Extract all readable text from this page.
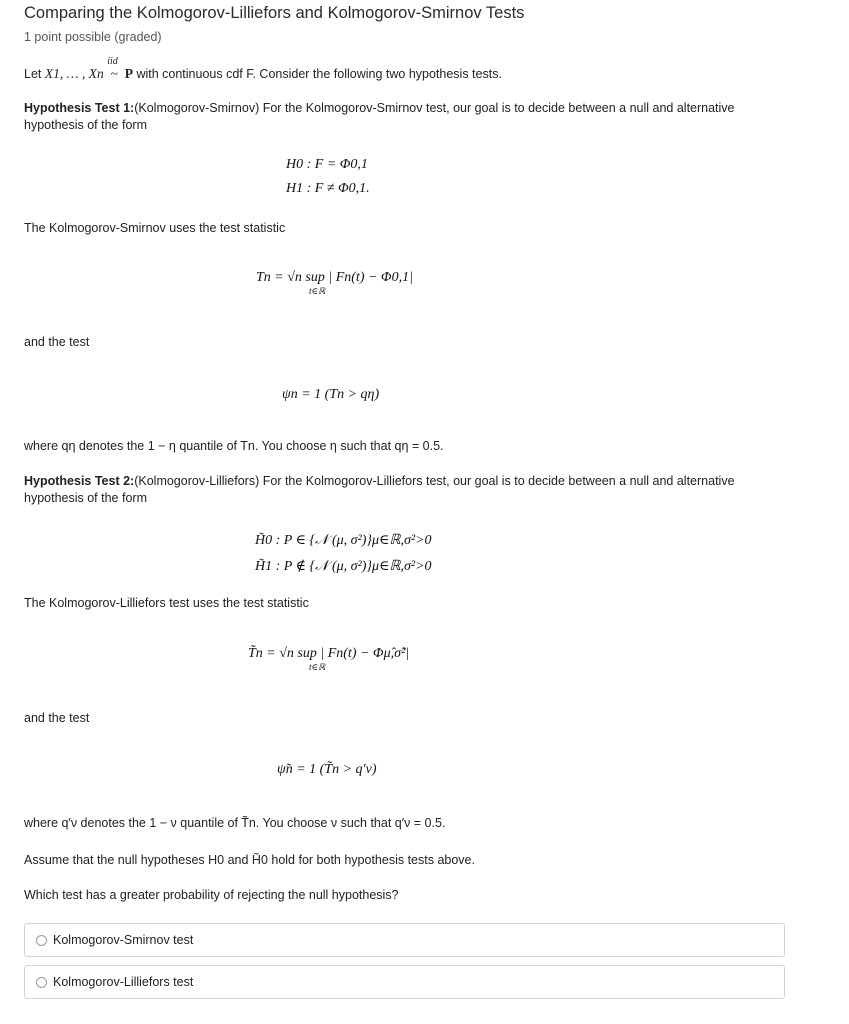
Comparing the Kolmogorov-Lilliefors and Kolmogorov-Smirnov Tests
1 point possible (graded)
Let X1, … , Xn
iid
~ P with continuous cdf F. Consider the following two hypothesis tests.
Hypothesis Test 1:(Kolmogorov-Smirnov) For the Kolmogorov-Smirnov test, our goal is to decide between a null and alternative
hypothesis of the form
H0 : F = Φ0,1
H1 : F ≠ Φ0,1.
The Kolmogorov-Smirnov uses the test statistic
Tn = √n sup | Fn(t) − Φ0,1|
t∈ℝ
and the test
ψn = 1 (Tn > qη)
where qη denotes the 1 − η quantile of Tn. You choose η such that qη = 0.5.
Hypothesis Test 2:(Kolmogorov-Lilliefors) For the Kolmogorov-Lilliefors test, our goal is to decide between a null and alternative
hypothesis of the form
H̃0 : P ∈ {𝒩 (μ, σ²)}μ∈ℝ,σ²>0
H̃1 : P ∉ {𝒩 (μ, σ²)}μ∈ℝ,σ²>0
The Kolmogorov-Lilliefors test uses the test statistic
T̃n = √n sup | Fn(t) − Φμ̂,σ̂²|
t∈ℝ
and the test
ψ̃n = 1 (T̃n > q′ν)
where q′ν denotes the 1 − ν quantile of T̃n. You choose ν such that q′ν = 0.5.
Assume that the null hypotheses H0 and H̃0 hold for both hypothesis tests above.
Which test has a greater probability of rejecting the null hypothesis?
Kolmogorov-Smirnov test
Kolmogorov-Lilliefors test
